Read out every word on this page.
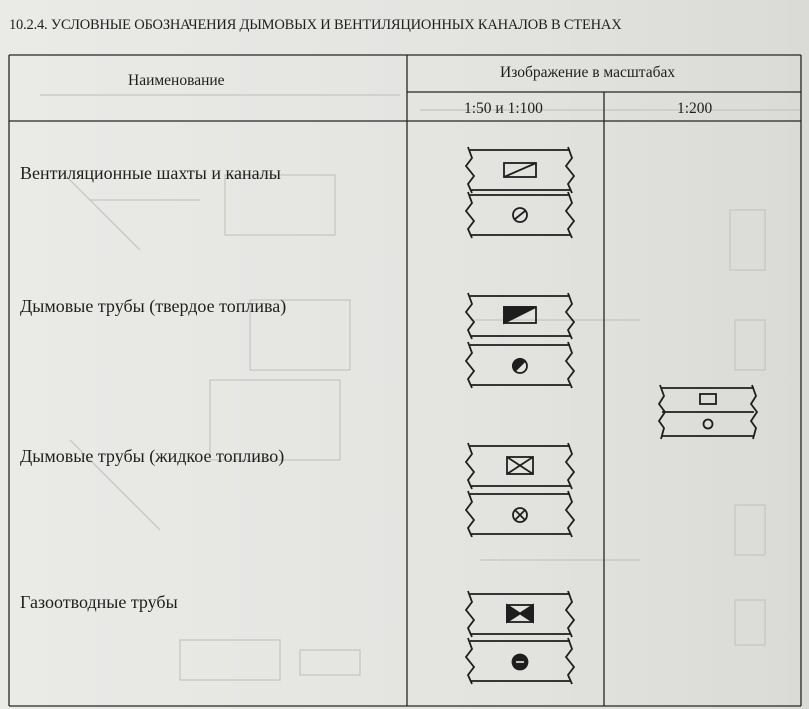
10.2.4. УСЛОВНЫЕ ОБОЗНАЧЕНИЯ ДЫМОВЫХ И ВЕНТИЛЯЦИОННЫХ КАНАЛОВ В СТЕНАХ
Наименование	Изображение в масштабах
1:50 и 1:100	1:200
Вентиляционные шахты и каналы
Дымовые трубы (твердое топлива)
Дымовые трубы (жидкое топливо)
Газоотводные трубы
